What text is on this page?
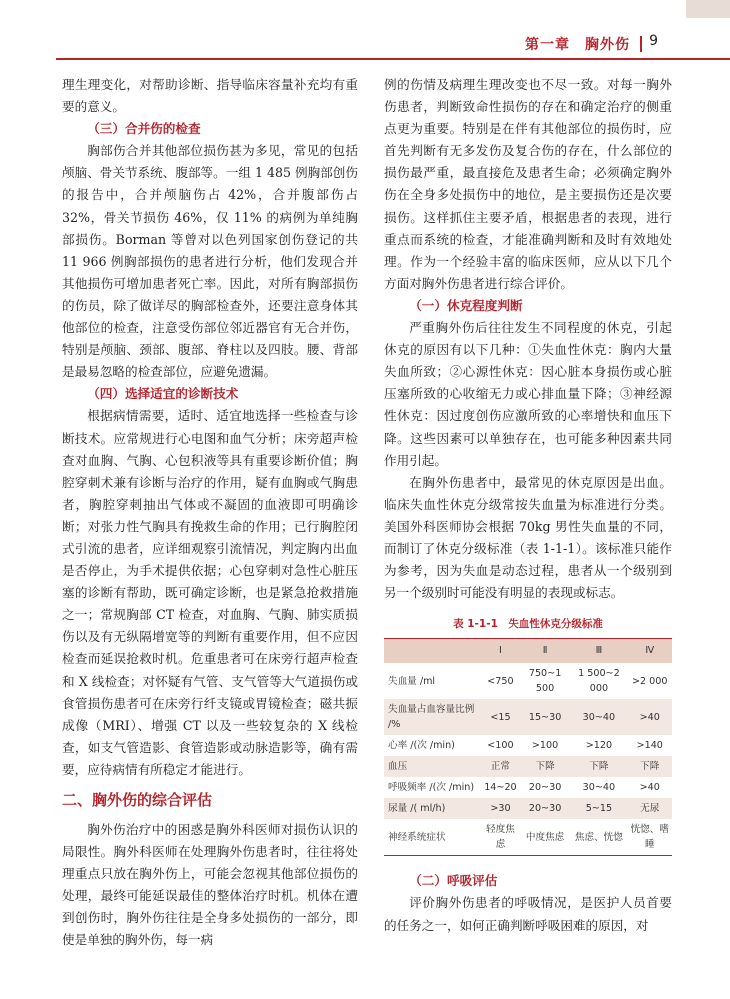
第一章　胸外伤 9

理生理变化，对帮助诊断、指导临床容量补充均有重要的意义。

（三）合并伤的检查

胸部伤合并其他部位损伤甚为多见，常见的包括颅脑、骨关节系统、腹部等。一组 1 485 例胸部创伤的报告中，合并颅脑伤占 42%，合并腹部伤占 32%，骨关节损伤 46%，仅 11% 的病例为单纯胸部损伤。Borman 等曾对以色列国家创伤登记的共 11 966 例胸部损伤的患者进行分析，他们发现合并其他损伤可增加患者死亡率。因此，对所有胸部损伤的伤员，除了做详尽的胸部检查外，还要注意身体其他部位的检查，注意受伤部位邻近器官有无合并伤，特别是颅脑、颈部、腹部、脊柱以及四肢。腰、背部是最易忽略的检查部位，应避免遗漏。

（四）选择适宜的诊断技术

根据病情需要，适时、适宜地选择一些检查与诊断技术。应常规进行心电图和血气分析；床旁超声检查对血胸、气胸、心包积液等具有重要诊断价值；胸腔穿刺术兼有诊断与治疗的作用，疑有血胸或气胸患者，胸腔穿刺抽出气体或不凝固的血液即可明确诊断；对张力性气胸具有挽救生命的作用；已行胸腔闭式引流的患者，应详细观察引流情况，判定胸内出血是否停止，为手术提供依据；心包穿刺对急性心脏压塞的诊断有帮助，既可确定诊断，也是紧急抢救措施之一；常规胸部 CT 检查，对血胸、气胸、肺实质损伤以及有无纵隔增宽等的判断有重要作用，但不应因检查而延误抢救时机。危重患者可在床旁行超声检查和 X 线检查；对怀疑有气管、支气管等大气道损伤或食管损伤患者可在床旁行纤支镜或胃镜检查；磁共振成像（MRI）、增强 CT 以及一些较复杂的 X 线检查，如支气管造影、食管造影或动脉造影等，确有需要，应待病情有所稳定才能进行。

二、胸外伤的综合评估

胸外伤治疗中的困惑是胸外科医师对损伤认识的局限性。胸外科医师在处理胸外伤患者时，往往将处理重点只放在胸外伤上，可能会忽视其他部位损伤的处理，最终可能延误最佳的整体治疗时机。机体在遭到创伤时，胸外伤往往是全身多处损伤的一部分，即使是单独的胸外伤，每一病

例的伤情及病理生理改变也不尽一致。对每一胸外伤患者，判断致命性损伤的存在和确定治疗的侧重点更为重要。特别是在伴有其他部位的损伤时，应首先判断有无多发伤及复合伤的存在，什么部位的损伤最严重，最直接危及患者生命；必须确定胸外伤在全身多处损伤中的地位，是主要损伤还是次要损伤。这样抓住主要矛盾，根据患者的表现，进行重点而系统的检查，才能准确判断和及时有效地处理。作为一个经验丰富的临床医师，应从以下几个方面对胸外伤患者进行综合评价。

（一）休克程度判断

严重胸外伤后往往发生不同程度的休克，引起休克的原因有以下几种：①失血性休克：胸内大量失血所致；②心源性休克：因心脏本身损伤或心脏压塞所致的心收缩无力或心排血量下降；③神经源性休克：因过度创伤应激所致的心率增快和血压下降。这些因素可以单独存在，也可能多种因素共同作用引起。

在胸外伤患者中，最常见的休克原因是出血。临床失血性休克分级常按失血量为标准进行分类。美国外科医师协会根据 70kg 男性失血量的不同，而制订了休克分级标准（表 1-1-1）。该标准只能作为参考，因为失血是动态过程，患者从一个级别到另一个级别时可能没有明显的表现或标志。

表 1-1-1　失血性休克分级标准
	Ⅰ	Ⅱ	Ⅲ	Ⅳ
失血量 /ml	<750	750~1 500	1 500~2 000	>2 000
失血量占血容量比例 /%	<15	15~30	30~40	>40
心率 /(次 /min)	<100	>100	>120	>140
血压	正常	下降	下降	下降
呼吸频率 /(次 /min)	14~20	20~30	30~40	>40
尿量 /( ml/h)	>30	20~30	5~15	无尿
神经系统症状	轻度焦虑	中度焦虑	焦虑、恍惚	恍惚、嗜睡
（二）呼吸评估

评价胸外伤患者的呼吸情况，是医护人员首要的任务之一，如何正确判断呼吸困难的原因，对
